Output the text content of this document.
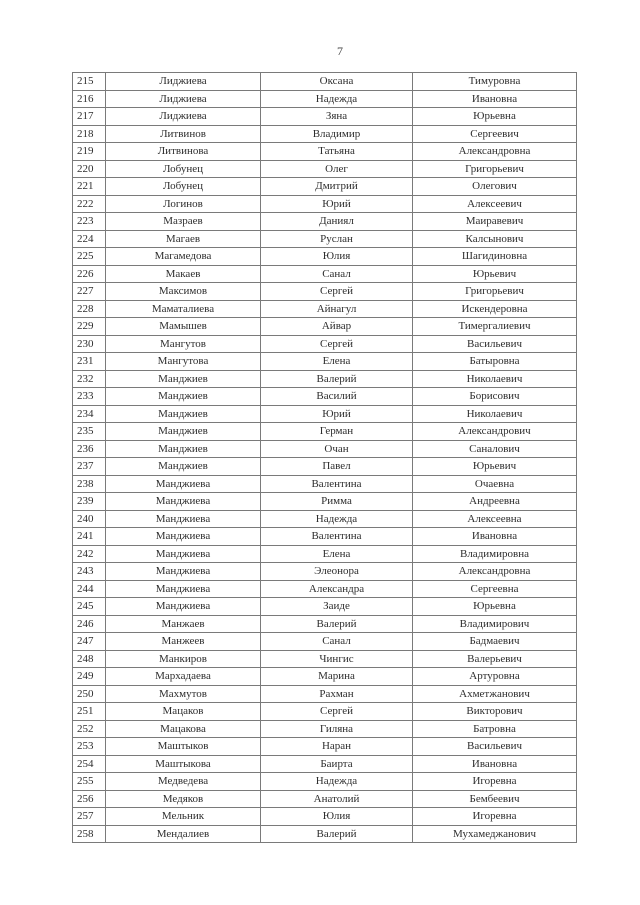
7
215	Лиджиева	Оксана	Тимуровна
216	Лиджиева	Надежда	Ивановна
217	Лиджиева	Зяна	Юрьевна
218	Литвинов	Владимир	Сергеевич
219	Литвинова	Татьяна	Александровна
220	Лобунец	Олег	Григорьевич
221	Лобунец	Дмитрий	Олегович
222	Логинов	Юрий	Алексеевич
223	Мазраев	Даниял	Маиравевич
224	Магаев	Руслан	Калсынович
225	Магамедова	Юлия	Шагидиновна
226	Макаев	Санал	Юрьевич
227	Максимов	Сергей	Григорьевич
228	Маматалиева	Айнагул	Искендеровна
229	Мамышев	Айвар	Тимергалиевич
230	Мангутов	Сергей	Васильевич
231	Мангутова	Елена	Батыровна
232	Манджиев	Валерий	Николаевич
233	Манджиев	Василий	Борисович
234	Манджиев	Юрий	Николаевич
235	Манджиев	Герман	Александрович
236	Манджиев	Очан	Саналович
237	Манджиев	Павел	Юрьевич
238	Манджиева	Валентина	Очаевна
239	Манджиева	Римма	Андреевна
240	Манджиева	Надежда	Алексеевна
241	Манджиева	Валентина	Ивановна
242	Манджиева	Елена	Владимировна
243	Манджиева	Элеонора	Александровна
244	Манджиева	Александра	Сергеевна
245	Манджиева	Заиде	Юрьевна
246	Манжаев	Валерий	Владимирович
247	Манжеев	Санал	Бадмаевич
248	Манкиров	Чингис	Валерьевич
249	Мархадаева	Марина	Артуровна
250	Махмутов	Рахман	Ахметжанович
251	Мацаков	Сергей	Викторович
252	Мацакова	Гиляна	Батровна
253	Маштыков	Наран	Васильевич
254	Маштыкова	Баирта	Ивановна
255	Медведева	Надежда	Игоревна
256	Медяков	Анатолий	Бембеевич
257	Мельник	Юлия	Игоревна
258	Мендалиев	Валерий	Мухамеджанович
